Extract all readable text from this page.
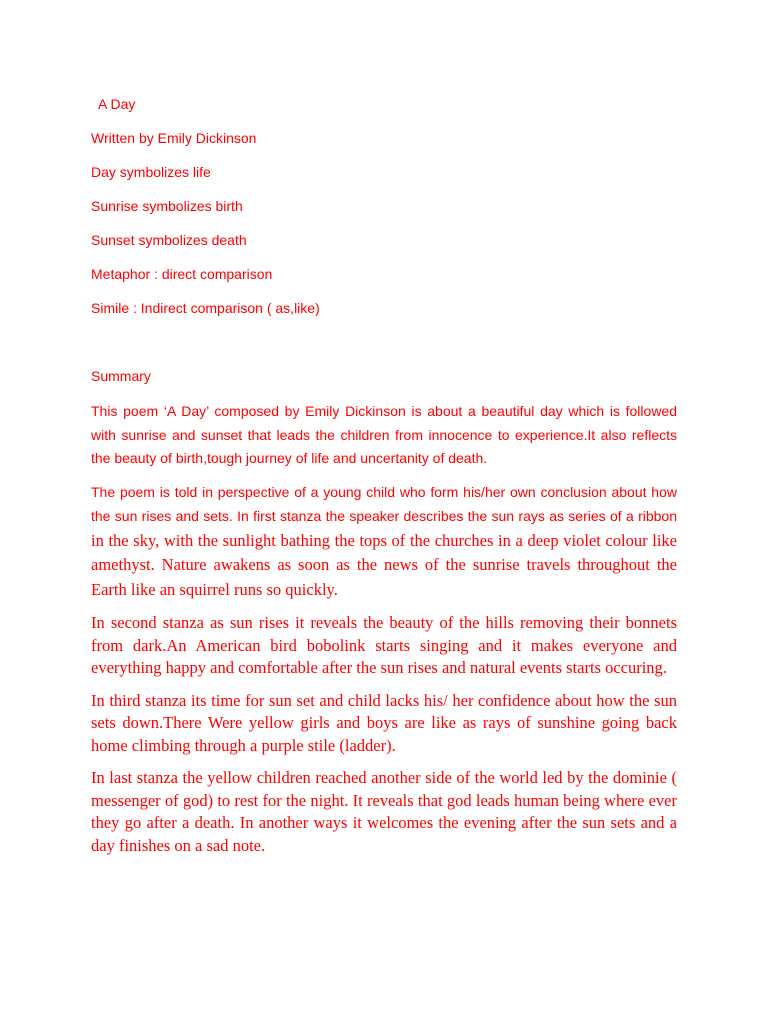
A Day
Written by Emily Dickinson
Day symbolizes life
Sunrise symbolizes birth
Sunset symbolizes death
Metaphor : direct comparison
Simile : Indirect comparison ( as,like)
Summary

This poem ‘A Day’ composed by Emily Dickinson is about a beautiful day which is followed with sunrise and sunset that leads the children from innocence to experience.It also reflects the beauty of birth,tough journey of life and uncertanity of death.

The poem is told in perspective of a young child who form his/her own conclusion about how the sun rises and sets. In first stanza the speaker describes the sun rays as series of a ribbon in the sky, with the sunlight bathing the tops of the churches in a deep violet colour like amethyst. Nature awakens as soon as the news of the sunrise travels throughout the Earth like an squirrel runs so quickly.

In second stanza as sun rises it reveals the beauty of the hills removing their bonnets from dark.An American bird bobolink starts singing and it makes everyone and everything happy and comfortable after the sun rises and natural events starts occuring.

In third stanza its time for sun set and child lacks his/ her confidence about how the sun sets down.There Were yellow girls and boys are like as rays of sunshine going back home climbing through a purple stile (ladder).

In last stanza the yellow children reached another side of the world led by the dominie ( messenger of god) to rest for the night. It reveals that god leads human being where ever they go after a death. In another ways it welcomes the evening after the sun sets and a day finishes on a sad note.
